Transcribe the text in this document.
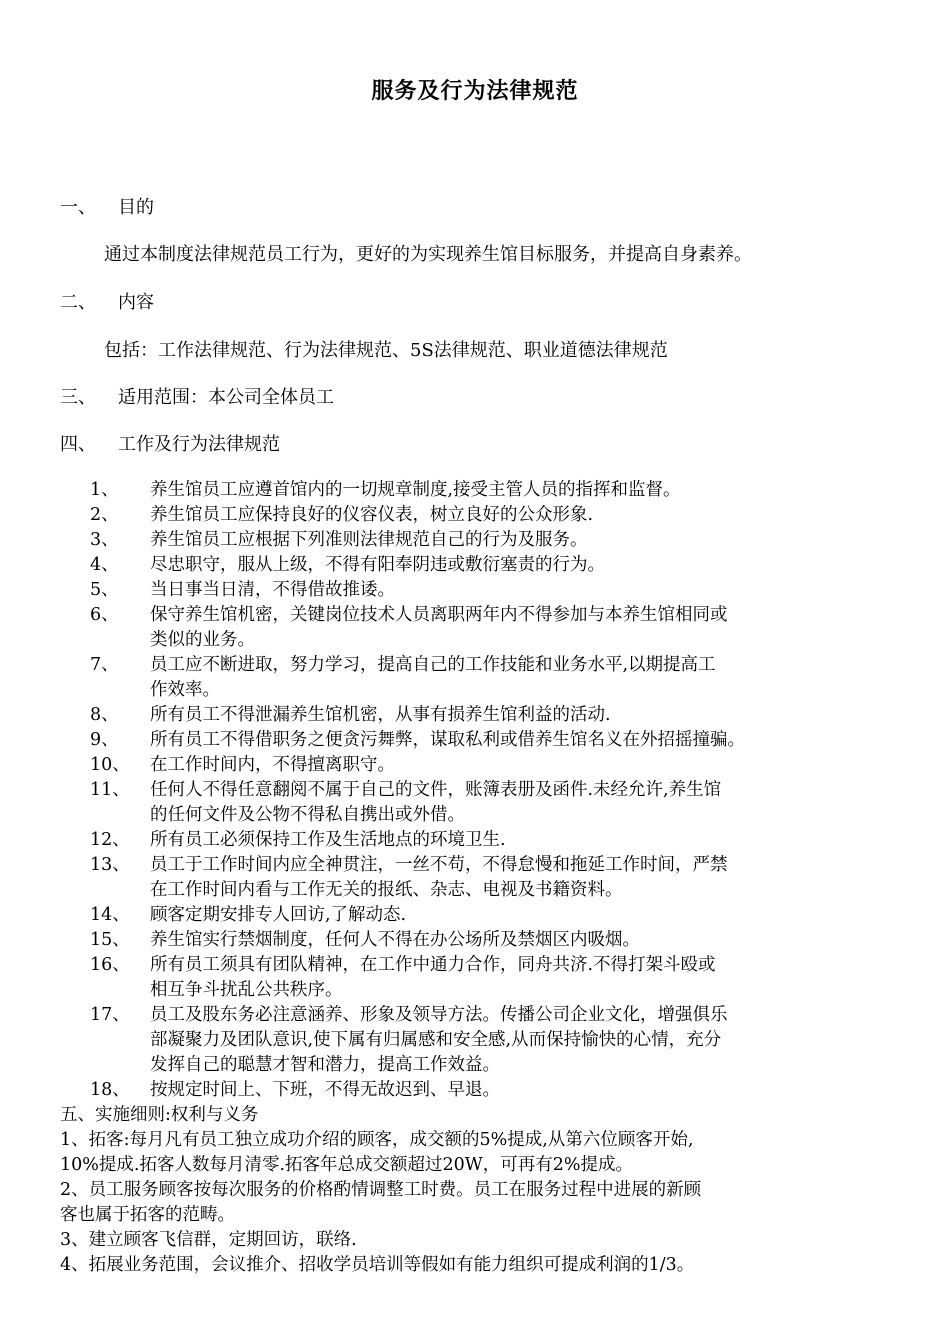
服务及行为法律规范
一、 目的
通过本制度法律规范员工行为，更好的为实现养生馆目标服务，并提高自身素养。
二、 内容
包括：工作法律规范、行为法律规范、5S法律规范、职业道德法律规范
三、 适用范围：本公司全体员工
四、 工作及行为法律规范
1、 养生馆员工应遵首馆内的一切规章制度,接受主管人员的指挥和监督。
2、 养生馆员工应保持良好的仪容仪表，树立良好的公众形象.
3、 养生馆员工应根据下列准则法律规范自己的行为及服务。
4、 尽忠职守，服从上级，不得有阳奉阴违或敷衍塞责的行为。
5、 当日事当日清，不得借故推诿。
6、 保守养生馆机密，关键岗位技术人员离职两年内不得参加与本养生馆相同或
类似的业务。
7、 员工应不断进取，努力学习，提高自己的工作技能和业务水平,以期提高工
作效率。
8、 所有员工不得泄漏养生馆机密，从事有损养生馆利益的活动.
9、 所有员工不得借职务之便贪污舞弊，谋取私利或借养生馆名义在外招摇撞骗。
10、 在工作时间内，不得擅离职守。
11、 任何人不得任意翻阅不属于自己的文件，账簿表册及函件.未经允许,养生馆
的任何文件及公物不得私自携出或外借。
12、 所有员工必须保持工作及生活地点的环境卫生.
13、 员工于工作时间内应全神贯注，一丝不苟，不得怠慢和拖延工作时间，严禁
在工作时间内看与工作无关的报纸、杂志、电视及书籍资料。
14、 顾客定期安排专人回访,了解动态.
15、 养生馆实行禁烟制度，任何人不得在办公场所及禁烟区内吸烟。
16、 所有员工须具有团队精神，在工作中通力合作，同舟共济.不得打架斗殴或
相互争斗扰乱公共秩序。
17、 员工及股东务必注意涵养、形象及领导方法。传播公司企业文化，增强俱乐
部凝聚力及团队意识,使下属有归属感和安全感,从而保持愉快的心情，充分
发挥自己的聪慧才智和潜力，提高工作效益。
18、 按规定时间上、下班，不得无故迟到、早退。
五、实施细则:权利与义务
1、拓客:每月凡有员工独立成功介绍的顾客，成交额的5%提成,从第六位顾客开始,
10%提成.拓客人数每月清零.拓客年总成交额超过20W，可再有2%提成。
2、员工服务顾客按每次服务的价格酌情调整工时费。员工在服务过程中进展的新顾
客也属于拓客的范畴。
3、建立顾客飞信群，定期回访，联络.
4、拓展业务范围，会议推介、招收学员培训等假如有能力组织可提成利润的1/3。
